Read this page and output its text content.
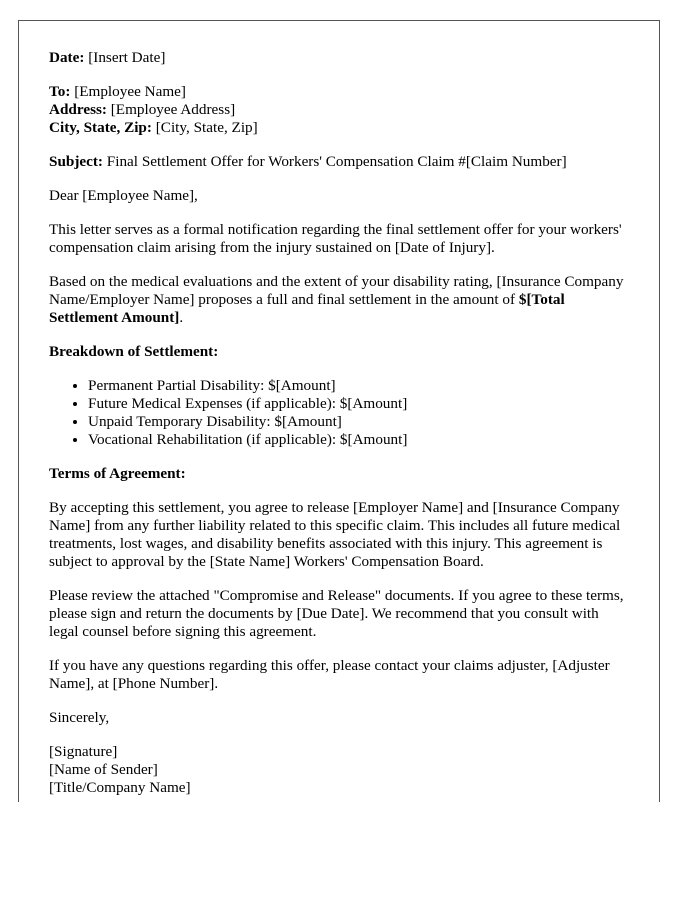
Date: [Insert Date]

To: [Employee Name]

Address: [Employee Address]

City, State, Zip: [City, State, Zip]

Subject: Final Settlement Offer for Workers' Compensation Claim #[Claim Number]

Dear [Employee Name],

This letter serves as a formal notification regarding the final settlement offer for your workers' compensation claim arising from the injury sustained on [Date of Injury].

Based on the medical evaluations and the extent of your disability rating, [Insurance Company Name/Employer Name] proposes a full and final settlement in the amount of $[Total Settlement Amount].

Breakdown of Settlement:

• Permanent Partial Disability: $[Amount]
• Future Medical Expenses (if applicable): $[Amount]
• Unpaid Temporary Disability: $[Amount]
• Vocational Rehabilitation (if applicable): $[Amount]

Terms of Agreement:

By accepting this settlement, you agree to release [Employer Name] and [Insurance Company Name] from any further liability related to this specific claim. This includes all future medical treatments, lost wages, and disability benefits associated with this injury. This agreement is subject to approval by the [State Name] Workers' Compensation Board.

Please review the attached "Compromise and Release" documents. If you agree to these terms, please sign and return the documents by [Due Date]. We recommend that you consult with legal counsel before signing this agreement.

If you have any questions regarding this offer, please contact your claims adjuster, [Adjuster Name], at [Phone Number].

Sincerely,

[Signature]

[Name of Sender]

[Title/Company Name]
